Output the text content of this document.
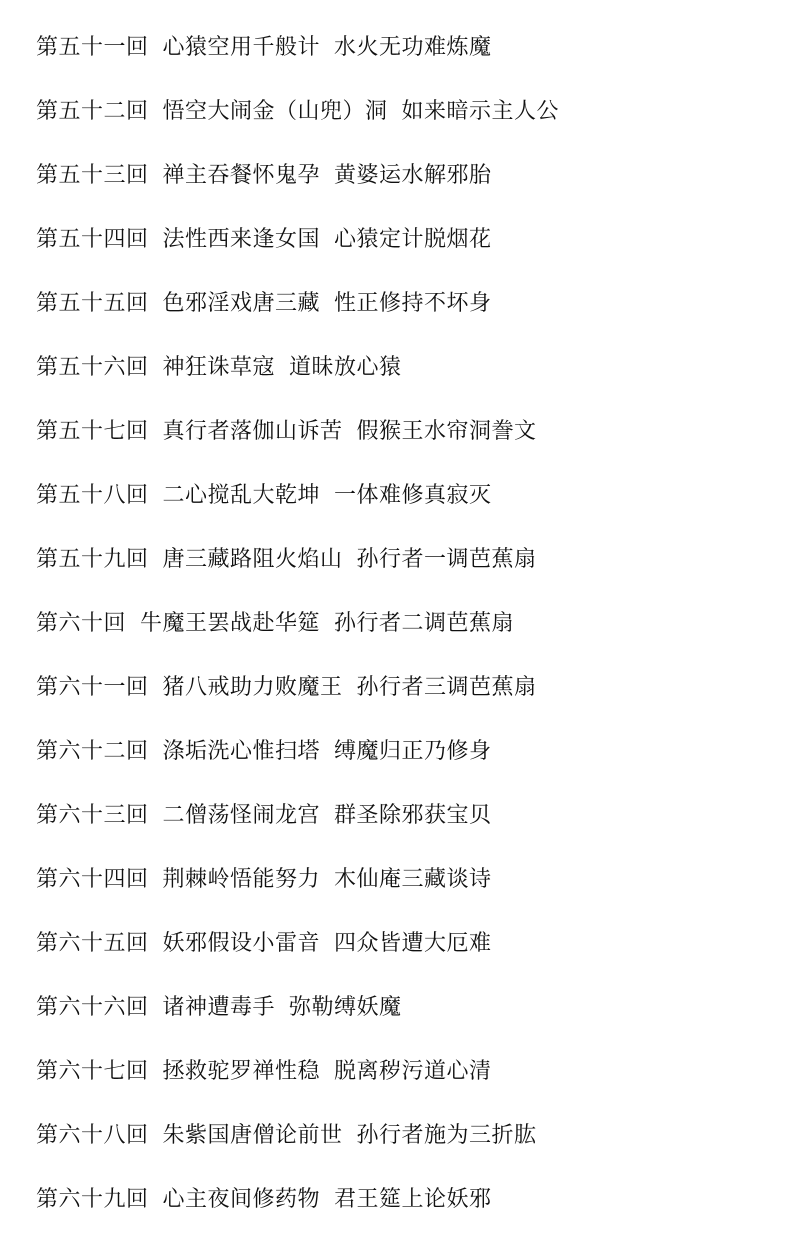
第五十一回 心猿空用千般计 水火无功难炼魔
第五十二回 悟空大闹金（山兜）洞 如来暗示主人公
第五十三回 禅主吞餐怀鬼孕 黄婆运水解邪胎
第五十四回 法性西来逢女国 心猿定计脱烟花
第五十五回 色邪淫戏唐三藏 性正修持不坏身
第五十六回 神狂诛草寇 道昧放心猿
第五十七回 真行者落伽山诉苦 假猴王水帘洞誊文
第五十八回 二心搅乱大乾坤 一体难修真寂灭
第五十九回 唐三藏路阻火焰山 孙行者一调芭蕉扇
第六十回 牛魔王罢战赴华筵 孙行者二调芭蕉扇
第六十一回 猪八戒助力败魔王 孙行者三调芭蕉扇
第六十二回 涤垢洗心惟扫塔 缚魔归正乃修身
第六十三回 二僧荡怪闹龙宫 群圣除邪获宝贝
第六十四回 荆棘岭悟能努力 木仙庵三藏谈诗
第六十五回 妖邪假设小雷音 四众皆遭大厄难
第六十六回 诸神遭毒手 弥勒缚妖魔
第六十七回 拯救驼罗禅性稳 脱离秽污道心清
第六十八回 朱紫国唐僧论前世 孙行者施为三折肱
第六十九回 心主夜间修药物 君王筵上论妖邪
